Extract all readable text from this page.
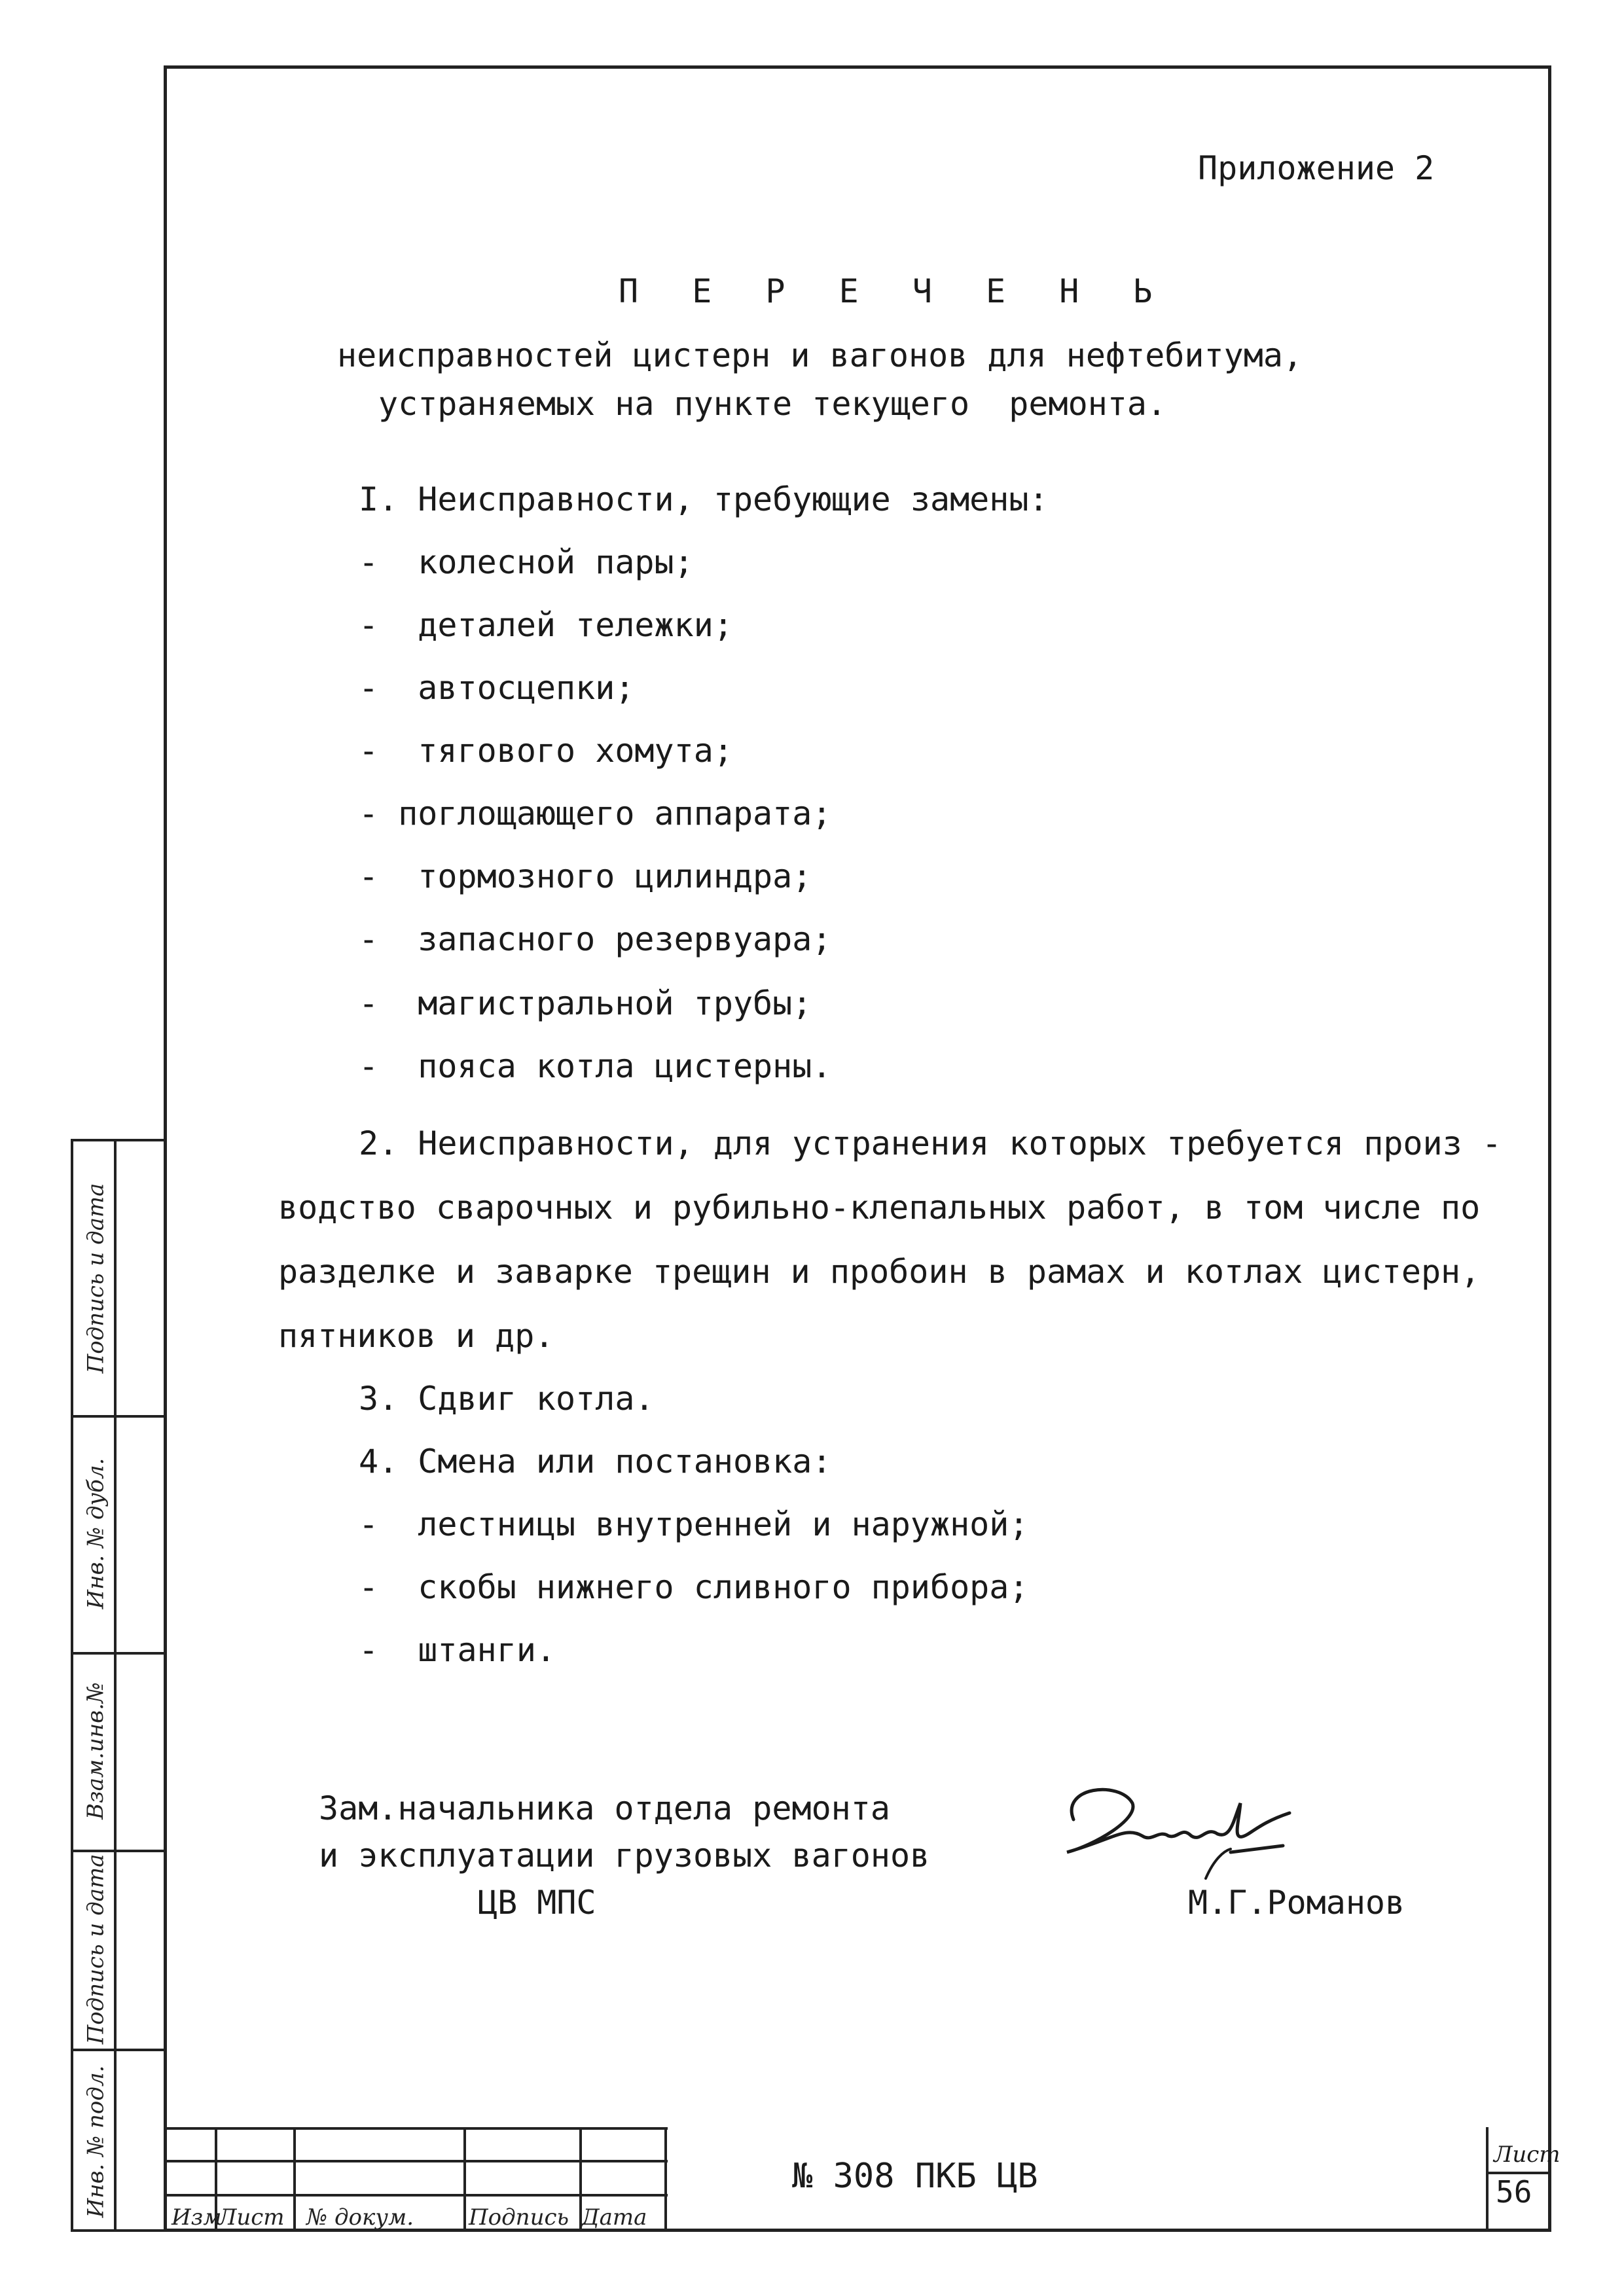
Приложение 2
П Е Р Е Ч Е Н Ь
неисправностей цистерн и вагонов для нефтебитума,
устраняемых на пункте текущего  ремонта.
I. Неисправности, требующие замены:
-  колесной пары;
-  деталей тележки;
-  автосцепки;
-  тягового хомута;
- поглощающего аппарата;
-  тормозного цилиндра;
-  запасного резервуара;
-  магистральной трубы;
-  пояса котла цистерны.
2. Неисправности, для устранения которых требуется произ -
водство сварочных и рубильно-клепальных работ, в том числе по
разделке и заварке трещин и пробоин в рамах и котлах цистерн,
пятников и др.
3. Сдвиг котла.
4. Смена или постановка:
-  лестницы внутренней и наружной;
-  скобы нижнего сливного прибора;
-  штанги.
Зам.начальника отдела ремонта
и эксплуатации грузовых вагонов
ЦВ МПС	М.Г.Романов
Подпись и дата
Инв. № дубл.
Взам.инв.№
Подпись и дата
Инв. № подл.	Изм
Лист № докум. Подпись Дата
№ 308 ПКБ ЦВ
Лист
56
